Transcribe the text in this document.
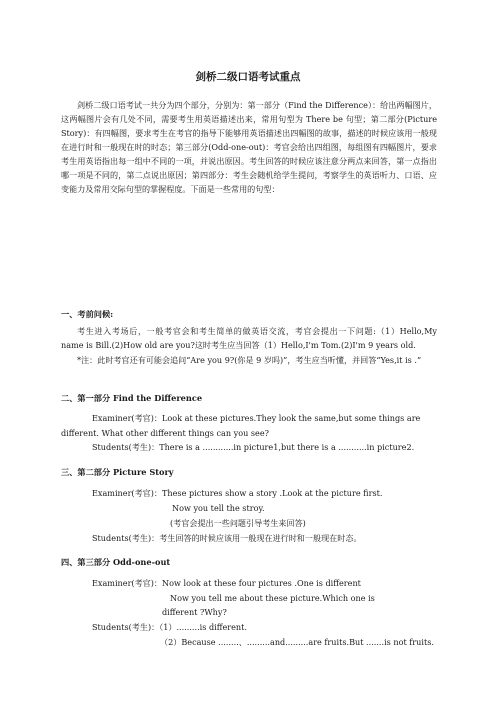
剑桥二级口语考试重点

剑桥二级口语考试一共分为四个部分，分别为：第一部分（Find the Difference）：给出两幅图片，这两幅图片会有几处不同，需要考生用英语描述出来，常用句型为 There be 句型；第二部分(Picture Story)：有四幅图，要求考生在考官的指导下能够用英语描述出四幅图的故事，描述的时候应该用一般现在进行时和一般现在时的时态；第三部分(Odd-one-out)：考官会给出四组图，每组图有四幅图片，要求考生用英语指出每一组中不同的一项，并说出原因。考生回答的时候应该注意分两点来回答，第一点指出哪一项是不同的，第二点说出原因；第四部分：考生会随机给学生提问，考察学生的英语听力、口语、应变能力及常用交际句型的掌握程度。下面是一些常用的句型：

一、考前问候:

考生进入考场后，一般考官会和考生简单的做英语交流，考官会提出一下问题:（1）Hello,My name is Bill.(2)How old are you?这时考生应当回答（1）Hello,I'm Tom.(2)I'm 9 years old.

*注：此时考官还有可能会追问“Are you 9?(你是 9 岁吗)”，考生应当听懂，并回答“Yes,it is .”

二、第一部分 Find the Difference

Examiner(考官)：Look at these pictures.They look the same,but some things are

different. What other different things can you see?

Students(考生)：There is a ............in picture1,but there is a ...........in picture2.

三、第二部分 Picture Story

Examiner(考官)：These pictures show a story .Look at the picture first.

Now you tell the stroy.

(考官会提出一些问题引导考生来回答)

Students(考生)：考生回答的时候应该用一般现在进行时和一般现在时态。

四、第三部分 Odd-one-out

Examiner(考官)：Now look at these four pictures .One is different

Now you tell me about these picture.Which one is

different ?Why?

Students(考生)：（1）.........is different.

（2）Because ........、.........and.........are fruits.But .......is not fruits.
